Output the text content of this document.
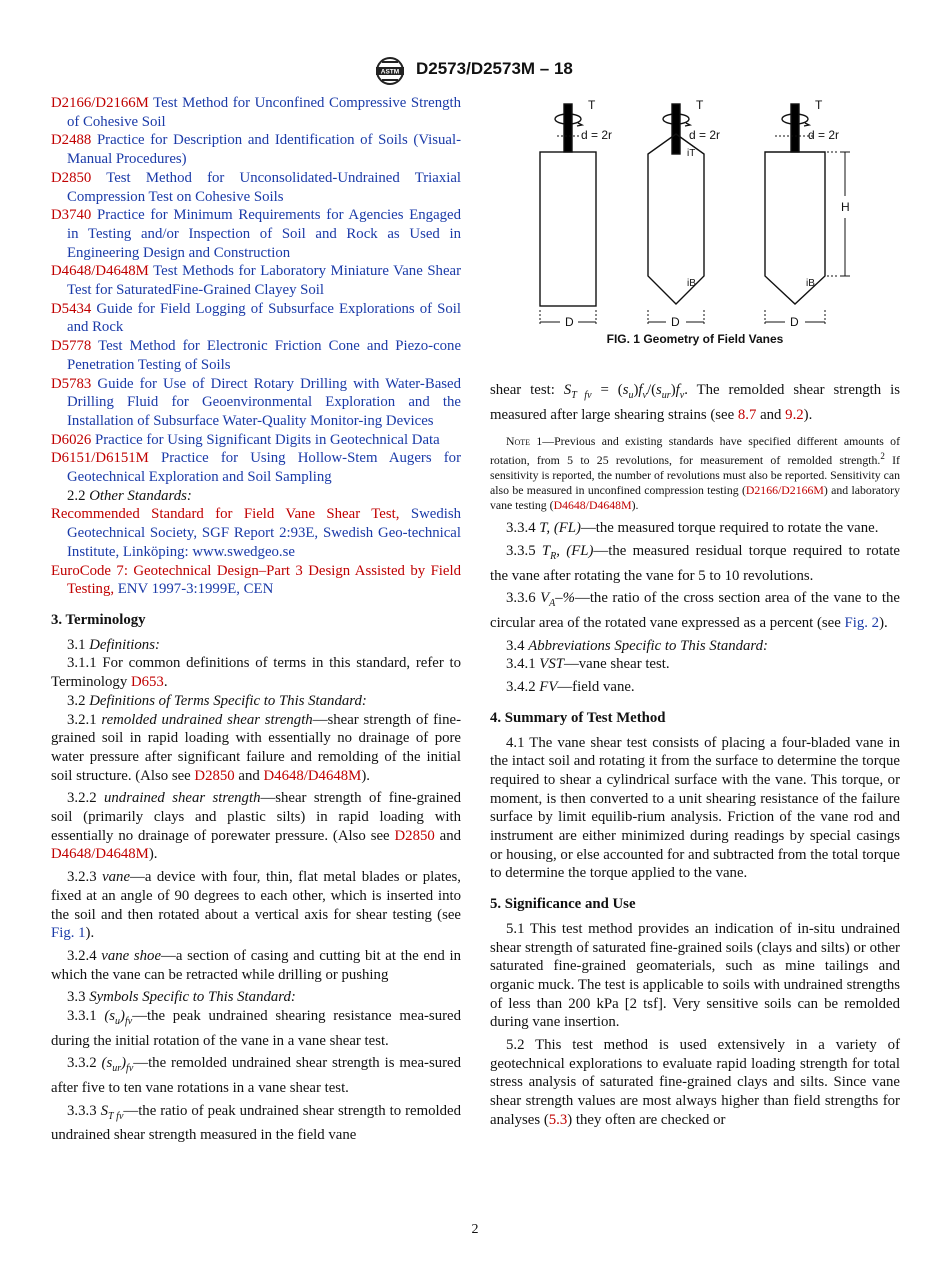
ASTM D2573/D2573M – 18

D2166/D2166M Test Method for Unconfined Compressive Strength of Cohesive Soil

D2488 Practice for Description and Identification of Soils (Visual-Manual Procedures)

D2850 Test Method for Unconsolidated-Undrained Triaxial Compression Test on Cohesive Soils

D3740 Practice for Minimum Requirements for Agencies Engaged in Testing and/or Inspection of Soil and Rock as Used in Engineering Design and Construction

D4648/D4648M Test Methods for Laboratory Miniature Vane Shear Test for SaturatedFine-Grained Clayey Soil

D5434 Guide for Field Logging of Subsurface Explorations of Soil and Rock

D5778 Test Method for Electronic Friction Cone and Piezo-cone Penetration Testing of Soils

D5783 Guide for Use of Direct Rotary Drilling with Water-Based Drilling Fluid for Geoenvironmental Exploration and the Installation of Subsurface Water-Quality Monitor-ing Devices

D6026 Practice for Using Significant Digits in Geotechnical Data

D6151/D6151M Practice for Using Hollow-Stem Augers for Geotechnical Exploration and Soil Sampling

2.2 Other Standards:

Recommended Standard for Field Vane Shear Test, Swedish Geotechnical Society, SGF Report 2:93E, Swedish Geo-technical Institute, Linköping: www.swedgeo.se

EuroCode 7: Geotechnical Design–Part 3 Design Assisted by Field Testing, ENV 1997-3:1999E, CEN

3. Terminology

3.1 Definitions:

3.1.1 For common definitions of terms in this standard, refer to Terminology D653.

3.2 Definitions of Terms Specific to This Standard:

3.2.1 remolded undrained shear strength—shear strength of fine-grained soil in rapid loading with essentially no drainage of pore water pressure after significant failure and remolding of the initial soil structure. (Also see D2850 and D4648/D4648M).

3.2.2 undrained shear strength—shear strength of fine-grained soil (primarily clays and plastic silts) in rapid loading with essentially no drainage of porewater pressure. (Also see D2850 and D4648/D4648M).

3.2.3 vane—a device with four, thin, flat metal blades or plates, fixed at an angle of 90 degrees to each other, which is inserted into the soil and then rotated about a vertical axis for shear testing (see Fig. 1).

3.2.4 vane shoe—a section of casing and cutting bit at the end in which the vane can be retracted while drilling or pushing

3.3 Symbols Specific to This Standard:

3.3.1 $(s_u)_{fv}—the$ peak undrained shearing resistance mea-sured during the initial rotation of the vane in a vane shear test.

3.3.2 $(s_{ur})_{fv}—the$ remolded undrained shear strength is mea-sured after five to ten vane rotations in a vane shear test.

3.3.3 $S_{T fv}—the$ ratio of peak undrained shear strength to remolded undrained shear strength measured in the field vane

T	T	T
d = 2r	d = 2r	d = 2r
iT
iB	iB
H
D	D	D
FIG. 1 Geometry of Field Vanes

shear test: $S_{T fv} = (s_u)f_v/(s_{ur})f_v$. The remolded shear strength is measured after large shearing strains (see 8.7 and 9.2).

Note 1—Previous and existing standards have specified different amounts of rotation, from 5 to 25 revolutions, for measurement of remolded strength.$^2$ If sensitivity is reported, the number of revolutions must also be reported. Sensitivity can also be measured in unconfined compression testing (D2166/D2166M) and laboratory vane testing (D4648/D4648M).

3.3.4 T, (FL)—the measured torque required to rotate the vane.

3.3.5 $T_R$, (FL)—the measured residual torque required to rotate the vane after rotating the vane for 5 to 10 revolutions.

3.3.6 $V_A-\%—the$ ratio of the cross section area of the vane to the circular area of the rotated vane expressed as a percent (see Fig. 2).

3.4 Abbreviations Specific to This Standard:

3.4.1 VST—vane shear test.

3.4.2 FV—field vane.

4. Summary of Test Method

4.1 The vane shear test consists of placing a four-bladed vane in the intact soil and rotating it from the surface to determine the torque required to shear a cylindrical surface with the vane. This torque, or moment, is then converted to a unit shearing resistance of the failure surface by limit equilib-rium analysis. Friction of the vane rod and instrument are either minimized during readings by special casings or housing, or else accounted for and subtracted from the total torque to determine the torque applied to the vane.

5. Significance and Use

5.1 This test method provides an indication of in-situ undrained shear strength of saturated fine-grained soils (clays and silts) or other saturated fine-grained geomaterials, such as mine tailings and organic muck. The test is applicable to soils with undrained strengths of less than 200 kPa [2 tsf]. Very sensitive soils can be remolded during vane insertion.

5.2 This test method is used extensively in a variety of geotechnical explorations to evaluate rapid loading strength for total stress analysis of saturated fine-grained clays and silts. Since vane shear strength values are most always higher than field strengths for analyses (5.3) they often are checked or

2
